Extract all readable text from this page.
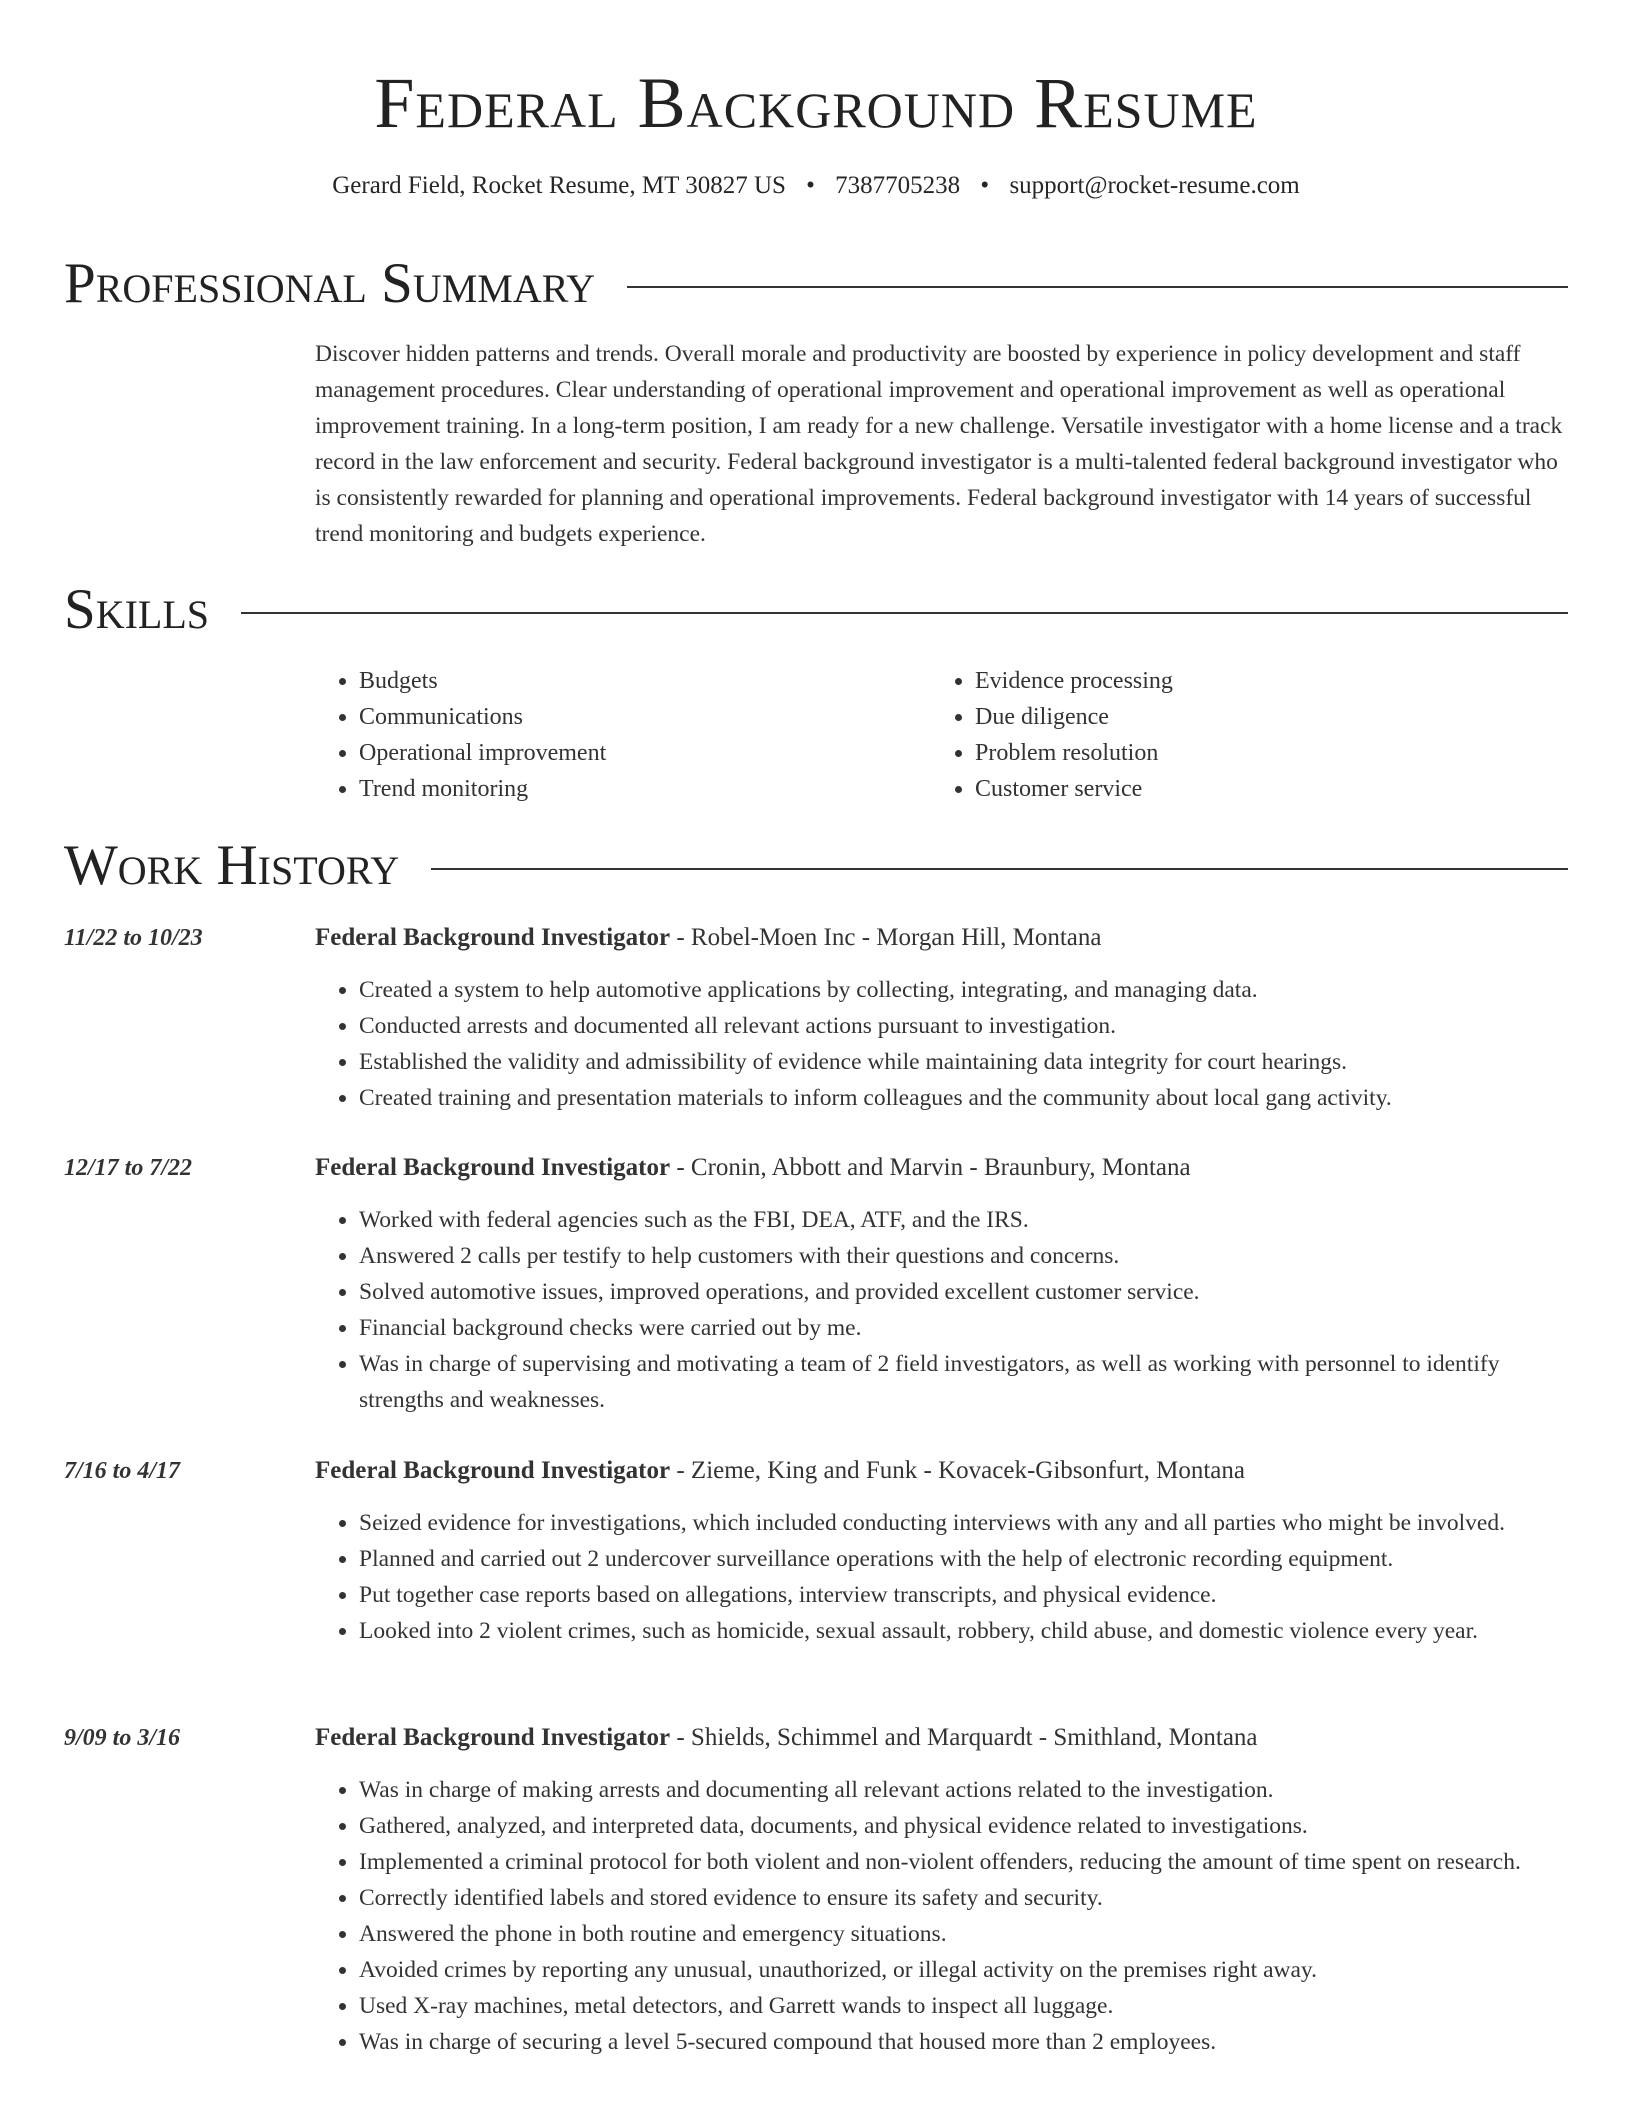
Federal Background Resume
Gerard Field, Rocket Resume, MT 30827 US • 7387705238 • support@rocket-resume.com
Professional Summary

Discover hidden patterns and trends. Overall morale and productivity are boosted by experience in policy development and staff management procedures. Clear understanding of operational improvement and operational improvement as well as operational improvement training. In a long-term position, I am ready for a new challenge. Versatile investigator with a home license and a track record in the law enforcement and security. Federal background investigator is a multi-talented federal background investigator who is consistently rewarded for planning and operational improvements. Federal background investigator with 14 years of successful trend monitoring and budgets experience.

Skills
• Budgets
• Communications
• Operational improvement
• Trend monitoring
• Evidence processing
• Due diligence
• Problem resolution
• Customer service
Work History
11/22 to 10/23	Federal Background Investigator - Robel-Moen Inc - Morgan Hill, Montana
• Created a system to help automotive applications by collecting, integrating, and managing data.
• Conducted arrests and documented all relevant actions pursuant to investigation.
• Established the validity and admissibility of evidence while maintaining data integrity for court hearings.
• Created training and presentation materials to inform colleagues and the community about local gang activity.
12/17 to 7/22	Federal Background Investigator - Cronin, Abbott and Marvin - Braunbury, Montana
• Worked with federal agencies such as the FBI, DEA, ATF, and the IRS.
• Answered 2 calls per testify to help customers with their questions and concerns.
• Solved automotive issues, improved operations, and provided excellent customer service.
• Financial background checks were carried out by me.
• Was in charge of supervising and motivating a team of 2 field investigators, as well as working with personnel to identify strengths and weaknesses.
7/16 to 4/17	Federal Background Investigator - Zieme, King and Funk - Kovacek-Gibsonfurt, Montana
• Seized evidence for investigations, which included conducting interviews with any and all parties who might be involved.
• Planned and carried out 2 undercover surveillance operations with the help of electronic recording equipment.
• Put together case reports based on allegations, interview transcripts, and physical evidence.
• Looked into 2 violent crimes, such as homicide, sexual assault, robbery, child abuse, and domestic violence every year.
9/09 to 3/16	Federal Background Investigator - Shields, Schimmel and Marquardt - Smithland, Montana
• Was in charge of making arrests and documenting all relevant actions related to the investigation.
• Gathered, analyzed, and interpreted data, documents, and physical evidence related to investigations.
• Implemented a criminal protocol for both violent and non-violent offenders, reducing the amount of time spent on research.
• Correctly identified labels and stored evidence to ensure its safety and security.
• Answered the phone in both routine and emergency situations.
• Avoided crimes by reporting any unusual, unauthorized, or illegal activity on the premises right away.
• Used X-ray machines, metal detectors, and Garrett wands to inspect all luggage.
• Was in charge of securing a level 5-secured compound that housed more than 2 employees.
